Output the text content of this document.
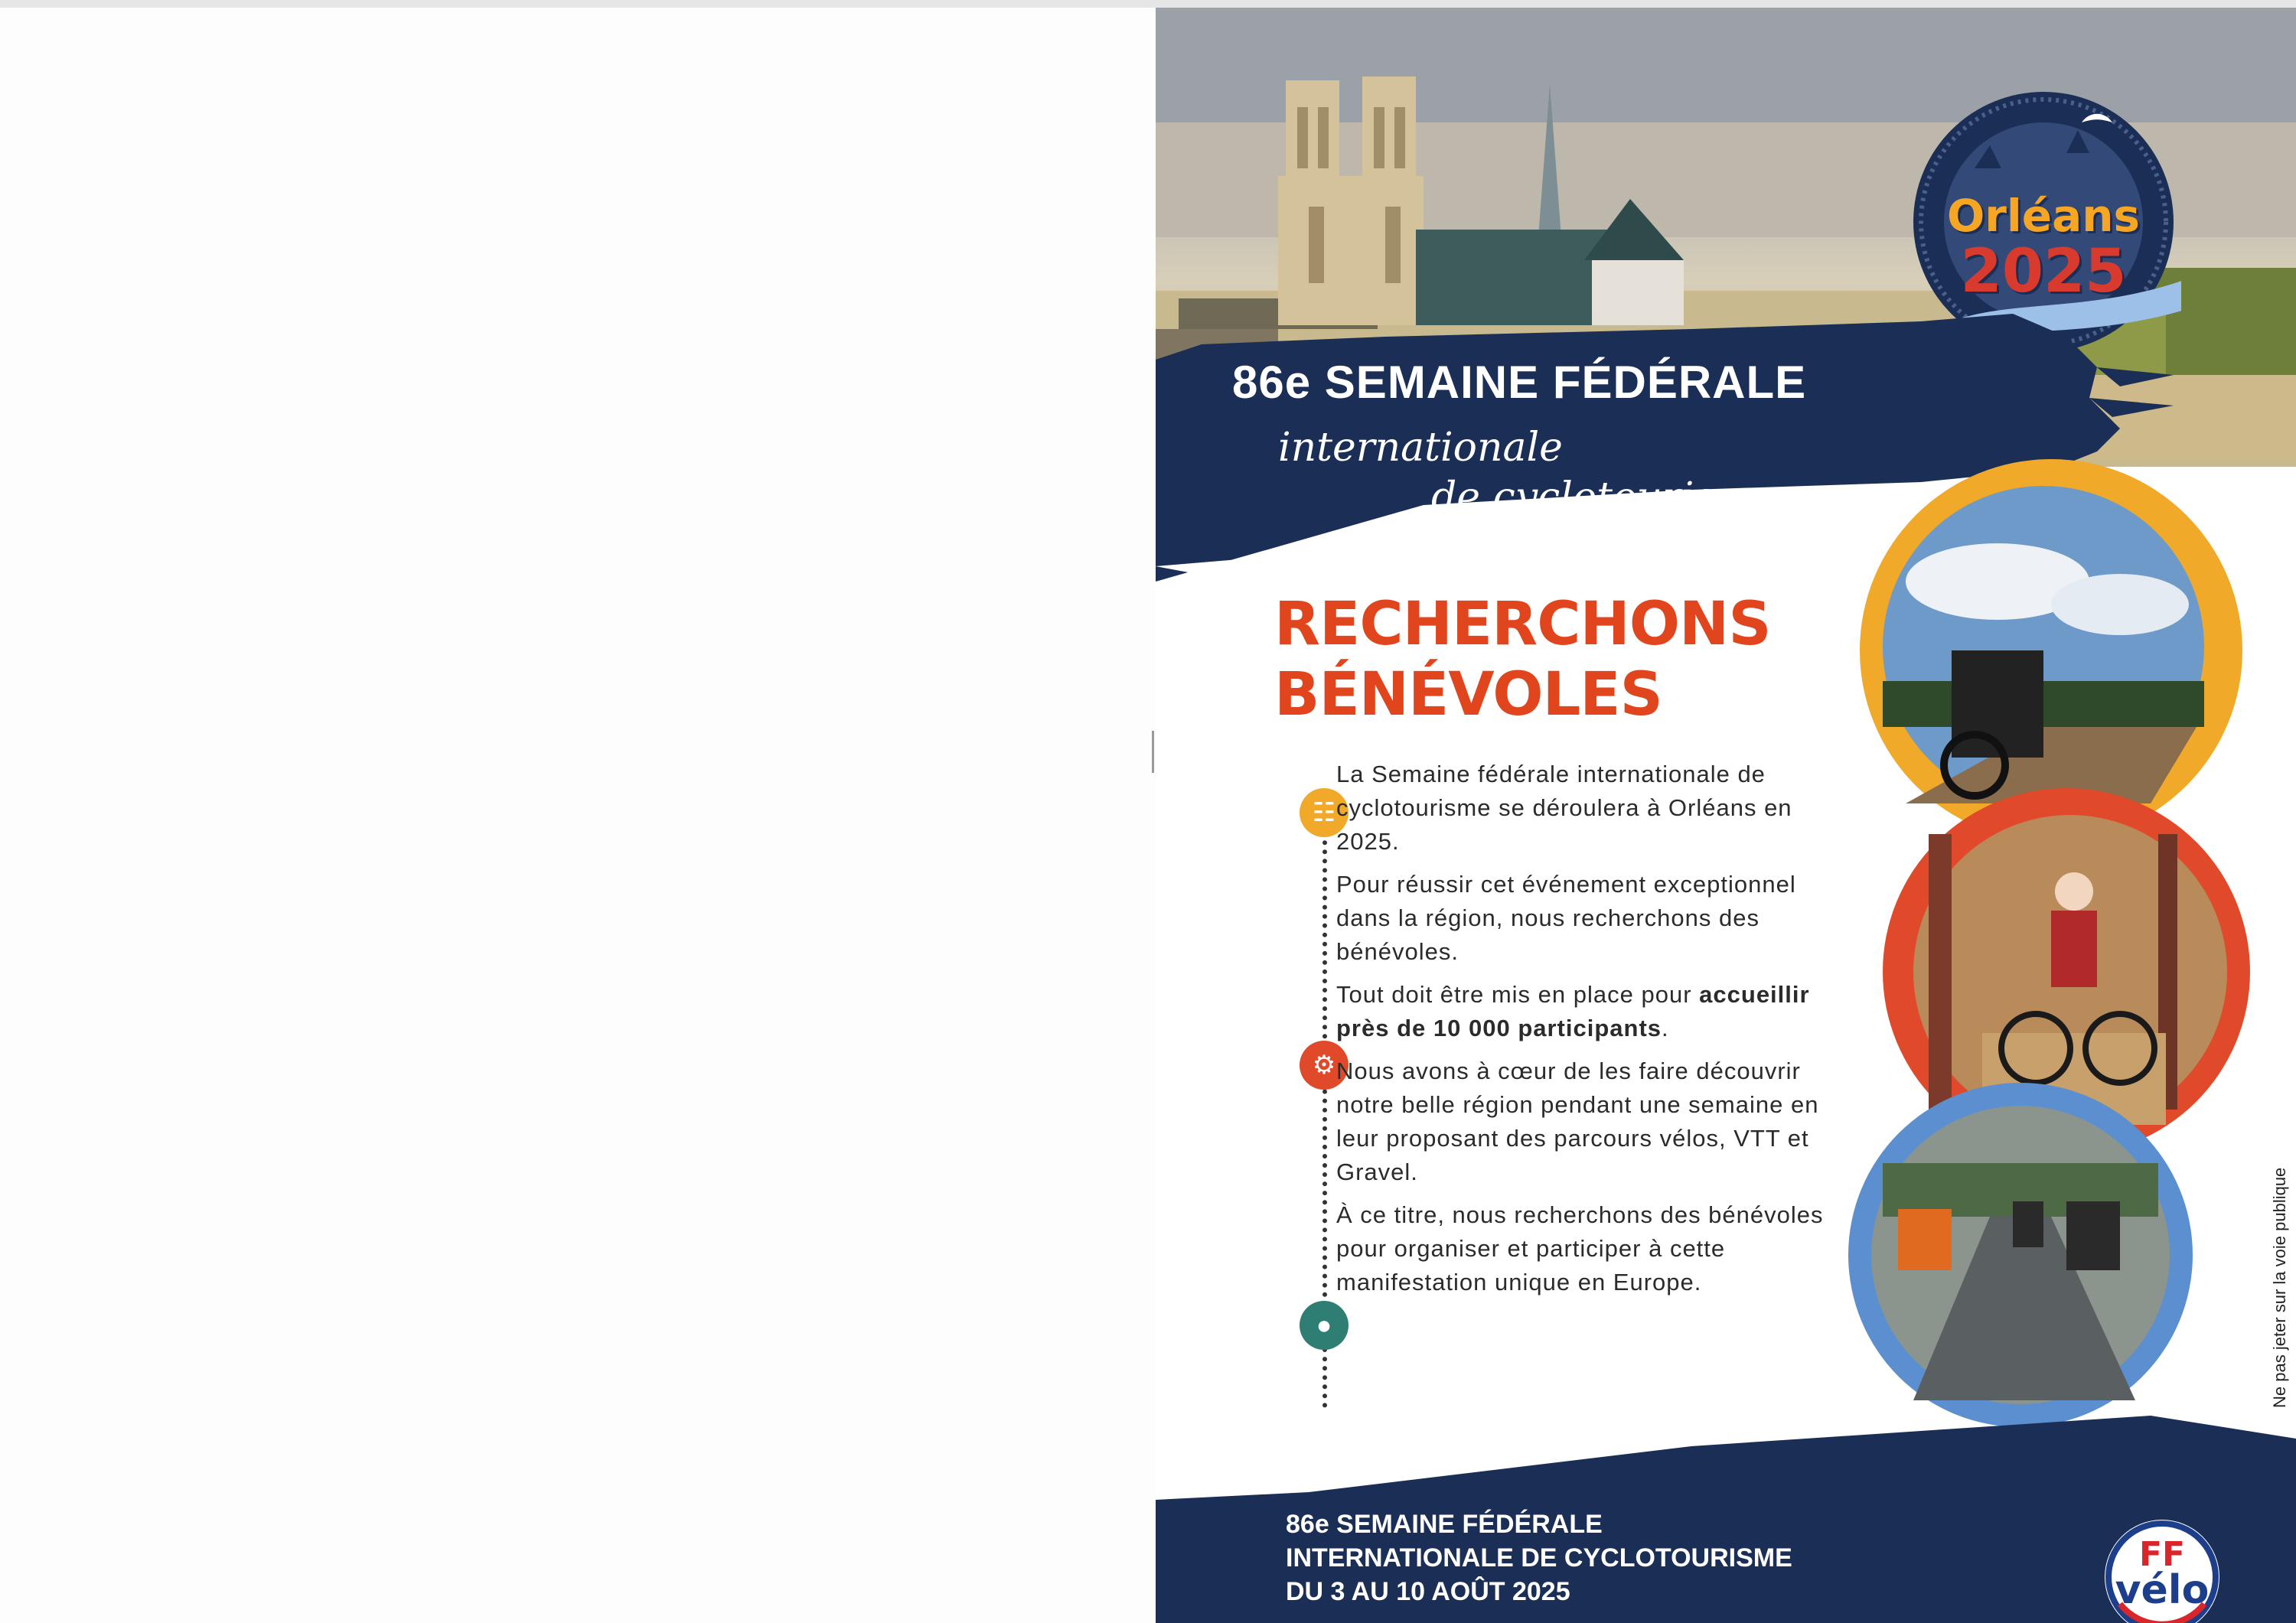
Orléans
2025
86e SEMAINE FÉDÉRALE
internationale
de cyclotourisme
RECHERCHONS
BÉNÉVOLES
☷
⚙
●

La Semaine fédérale internationale de cyclotourisme se déroulera à Orléans en 2025.

Pour réussir cet événement exceptionnel dans la région, nous recherchons des bénévoles.

Tout doit être mis en place pour accueillir près de 10 000 participants.

Nous avons à cœur de les faire découvrir notre belle région pendant une semaine en leur proposant des parcours vélos, VTT et Gravel.

À ce titre, nous recherchons des bénévoles pour organiser et participer à cette manifestation unique en Europe.

86e SEMAINE FÉDÉRALE
INTERNATIONALE DE CYCLOTOURISME
DU 3 AU 10 AOÛT 2025
FF
vélo
Ne pas jeter sur la voie publique
